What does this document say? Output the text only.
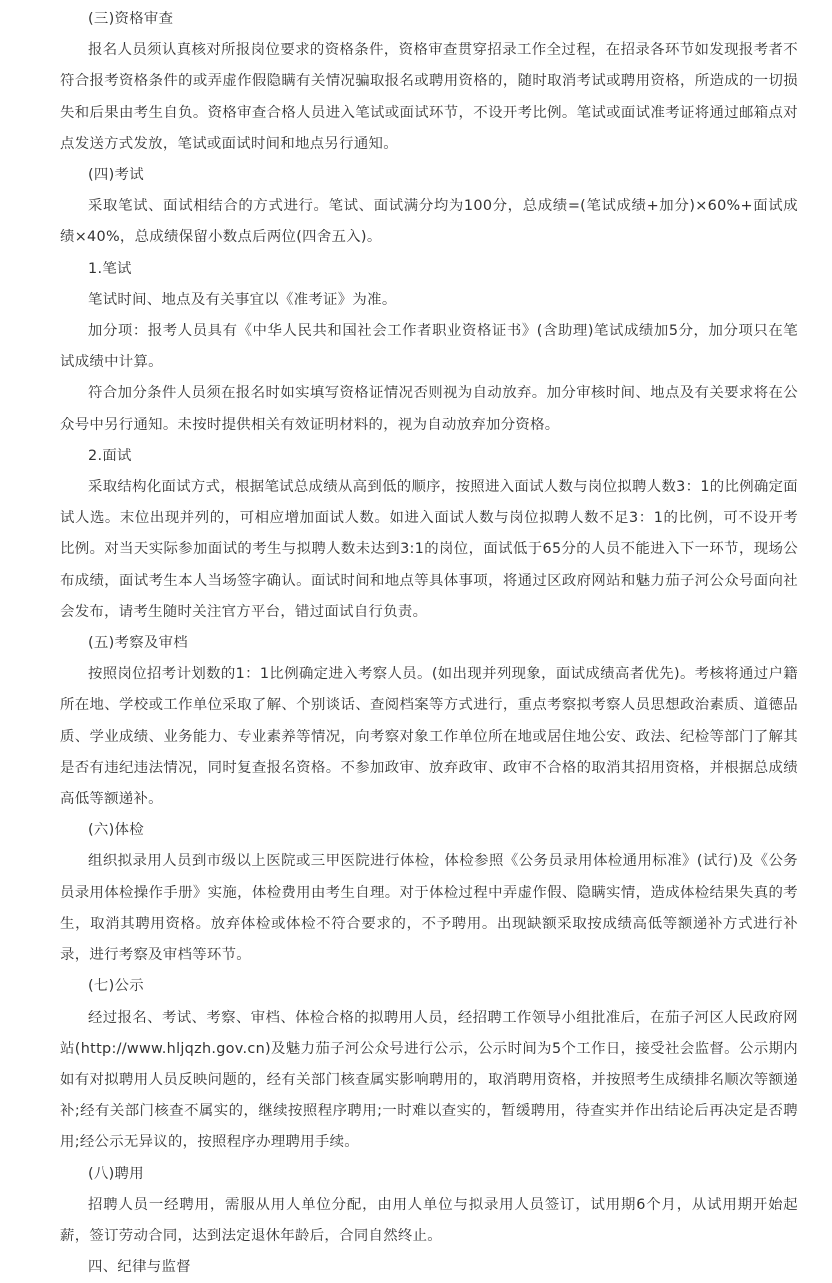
(三)资格审查

报名人员须认真核对所报岗位要求的资格条件，资格审查贯穿招录工作全过程，在招录各环节如发现报考者不符合报考资格条件的或弄虚作假隐瞒有关情况骗取报名或聘用资格的，随时取消考试或聘用资格，所造成的一切损失和后果由考生自负。资格审查合格人员进入笔试或面试环节，不设开考比例。笔试或面试准考证将通过邮箱点对点发送方式发放，笔试或面试时间和地点另行通知。

(四)考试

采取笔试、面试相结合的方式进行。笔试、面试满分均为100分，总成绩=(笔试成绩+加分)×60%+面试成绩×40%，总成绩保留小数点后两位(四舍五入)。

1.笔试

笔试时间、地点及有关事宜以《准考证》为准。

加分项：报考人员具有《中华人民共和国社会工作者职业资格证书》(含助理)笔试成绩加5分，加分项只在笔试成绩中计算。

符合加分条件人员须在报名时如实填写资格证情况否则视为自动放弃。加分审核时间、地点及有关要求将在公众号中另行通知。未按时提供相关有效证明材料的，视为自动放弃加分资格。

2.面试

采取结构化面试方式，根据笔试总成绩从高到低的顺序，按照进入面试人数与岗位拟聘人数3：1的比例确定面试人选。末位出现并列的，可相应增加面试人数。如进入面试人数与岗位拟聘人数不足3：1的比例，可不设开考比例。对当天实际参加面试的考生与拟聘人数未达到3:1的岗位，面试低于65分的人员不能进入下一环节，现场公布成绩，面试考生本人当场签字确认。面试时间和地点等具体事项，将通过区政府网站和魅力茄子河公众号面向社会发布，请考生随时关注官方平台，错过面试自行负责。

(五)考察及审档

按照岗位招考计划数的1：1比例确定进入考察人员。(如出现并列现象，面试成绩高者优先)。考核将通过户籍所在地、学校或工作单位采取了解、个别谈话、查阅档案等方式进行，重点考察拟考察人员思想政治素质、道德品质、学业成绩、业务能力、专业素养等情况，向考察对象工作单位所在地或居住地公安、政法、纪检等部门了解其是否有违纪违法情况，同时复查报名资格。不参加政审、放弃政审、政审不合格的取消其招用资格，并根据总成绩高低等额递补。

(六)体检

组织拟录用人员到市级以上医院或三甲医院进行体检，体检参照《公务员录用体检通用标准》(试行)及《公务员录用体检操作手册》实施，体检费用由考生自理。对于体检过程中弄虚作假、隐瞒实情，造成体检结果失真的考生，取消其聘用资格。放弃体检或体检不符合要求的，不予聘用。出现缺额采取按成绩高低等额递补方式进行补录，进行考察及审档等环节。

(七)公示

经过报名、考试、考察、审档、体检合格的拟聘用人员，经招聘工作领导小组批准后，在茄子河区人民政府网站(http://www.hljqzh.gov.cn)及魅力茄子河公众号进行公示，公示时间为5个工作日，接受社会监督。公示期内如有对拟聘用人员反映问题的，经有关部门核查属实影响聘用的，取消聘用资格，并按照考生成绩排名顺次等额递补;经有关部门核查不属实的，继续按照程序聘用;一时难以查实的，暂缓聘用，待查实并作出结论后再决定是否聘用;经公示无异议的，按照程序办理聘用手续。

(八)聘用

招聘人员一经聘用，需服从用人单位分配，由用人单位与拟录用人员签订，试用期6个月，从试用期开始起薪，签订劳动合同，达到法定退休年龄后，合同自然终止。

四、纪律与监督
